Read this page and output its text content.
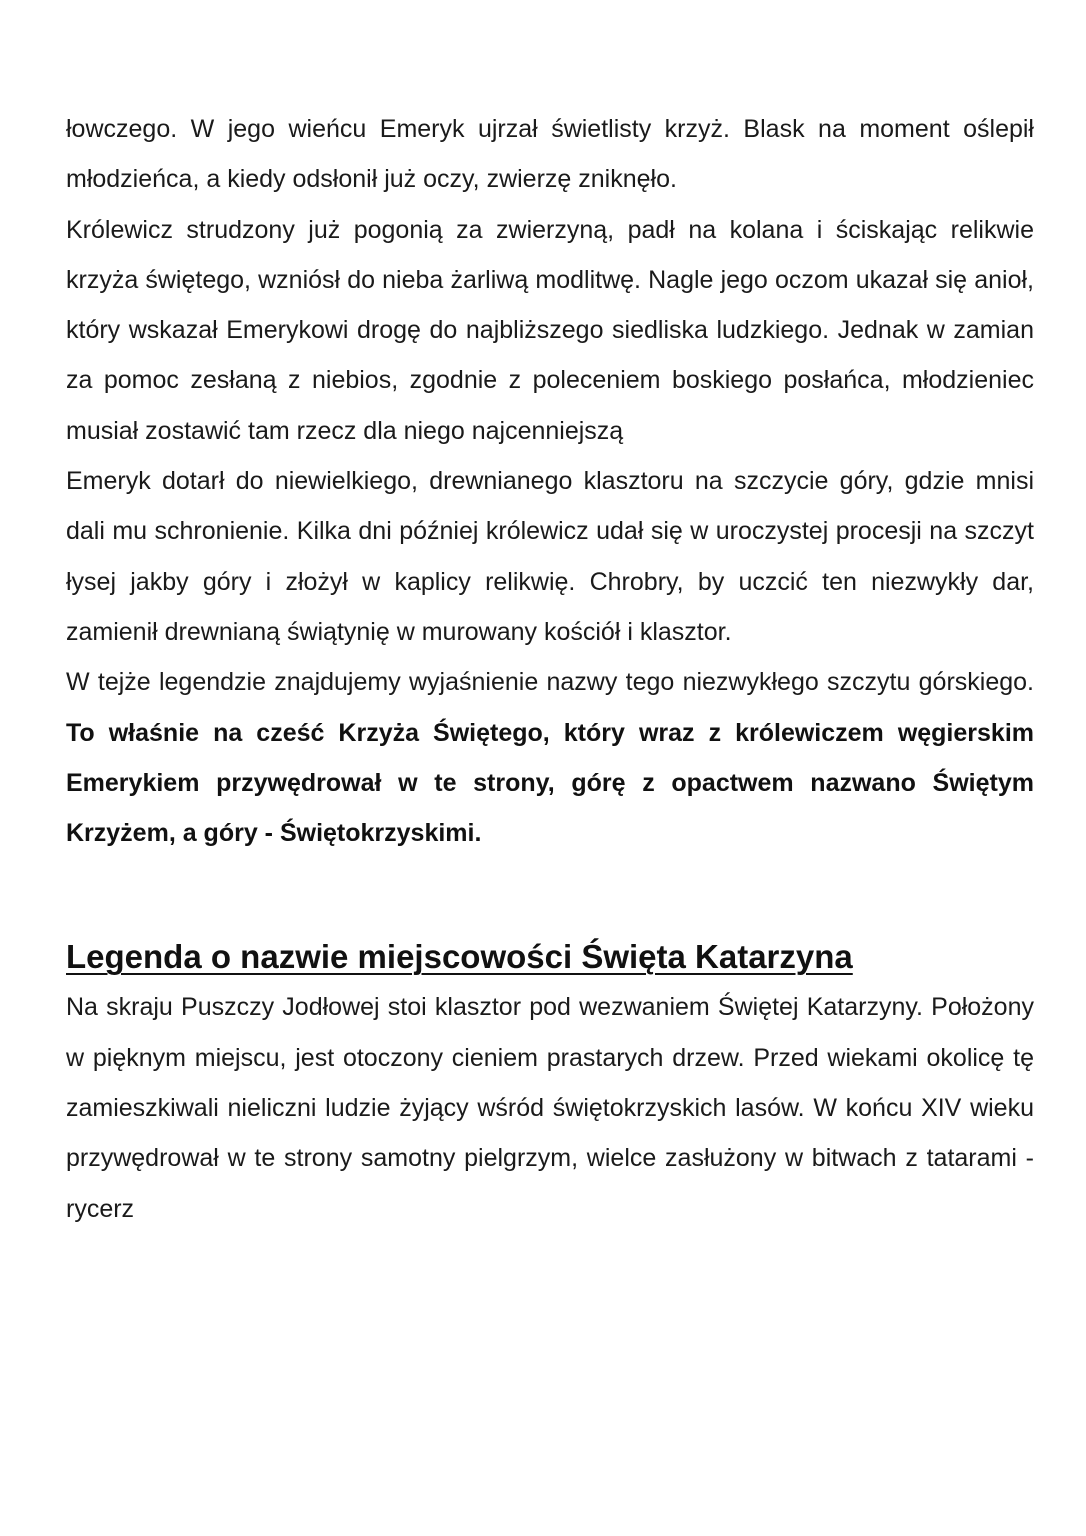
łowczego. W jego wieńcu Emeryk ujrzał świetlisty krzyż. Blask na moment oślepił młodzieńca, a kiedy odsłonił już oczy, zwierzę zniknęło.

Królewicz strudzony już pogonią za zwierzyną, padł na kolana i ściskając relikwie krzyża świętego, wzniósł do nieba żarliwą modlitwę. Nagle jego oczom ukazał się anioł, który wskazał Emerykowi drogę do najbliższego siedliska ludzkiego. Jednak w zamian za pomoc zesłaną z niebios, zgodnie z poleceniem boskiego posłańca, młodzieniec musiał zostawić tam rzecz dla niego najcenniejszą

Emeryk dotarł do niewielkiego, drewnianego klasztoru na szczycie góry, gdzie mnisi dali mu schronienie. Kilka dni później królewicz udał się w uroczystej procesji na szczyt łysej jakby góry i złożył w kaplicy relikwię. Chrobry, by uczcić ten niezwykły dar, zamienił drewnianą świątynię w murowany kościół i klasztor.

W tejże legendzie znajdujemy wyjaśnienie nazwy tego niezwykłego szczytu górskiego. To właśnie na cześć Krzyża Świętego, który wraz z królewiczem węgierskim Emerykiem przywędrował w te strony, górę z opactwem nazwano Świętym Krzyżem, a góry - Świętokrzyskimi.

Legenda o nazwie miejscowości Święta Katarzyna

Na skraju Puszczy Jodłowej stoi klasztor pod wezwaniem Świętej Katarzyny. Położony w pięknym miejscu, jest otoczony cieniem prastarych drzew. Przed wiekami okolicę tę zamieszkiwali nieliczni ludzie żyjący wśród świętokrzyskich lasów. W końcu XIV wieku przywędrował w te strony samotny pielgrzym, wielce zasłużony w bitwach z tatarami - rycerz
